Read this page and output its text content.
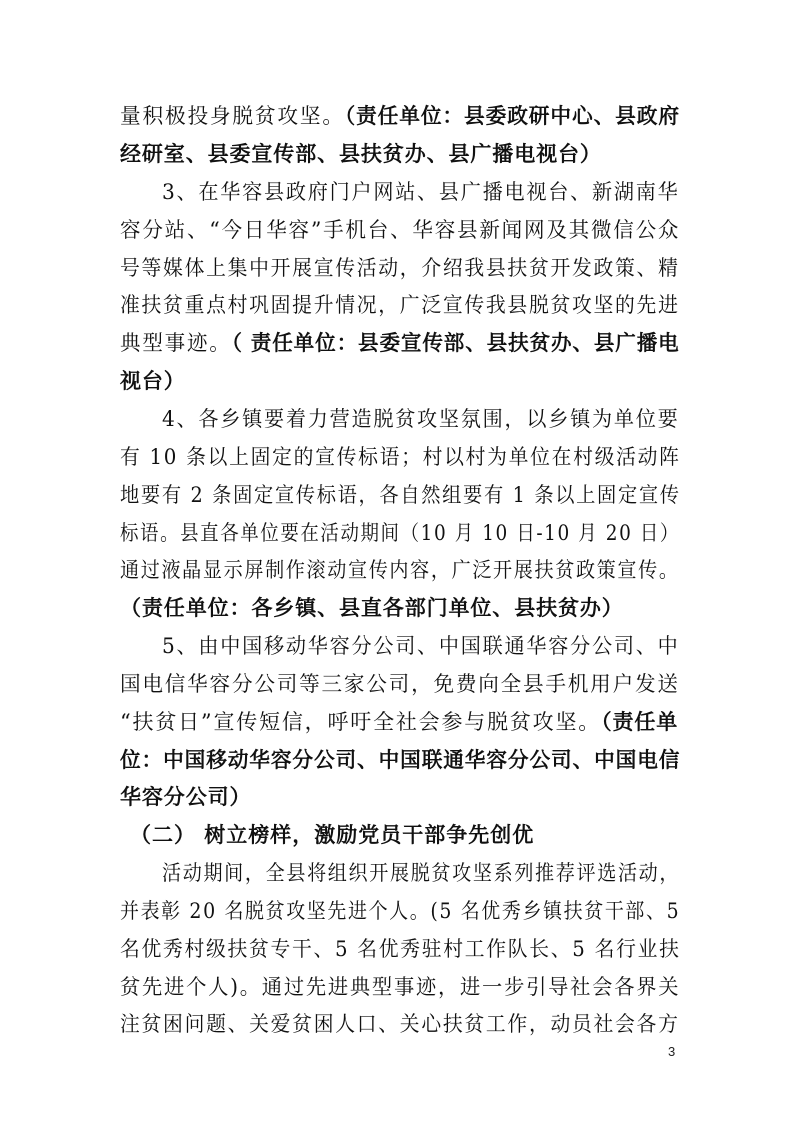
量积极投身脱贫攻坚。（责任单位：县委政研中心、县政府
经研室、县委宣传部、县扶贫办、县广播电视台）
3、在华容县政府门户网站、县广播电视台、新湖南华
容分站、“今日华容”手机台、华容县新闻网及其微信公众
号等媒体上集中开展宣传活动，介绍我县扶贫开发政策、精
准扶贫重点村巩固提升情况，广泛宣传我县脱贫攻坚的先进
典型事迹。（ 责任单位：县委宣传部、县扶贫办、县广播电
视台）
4、各乡镇要着力营造脱贫攻坚氛围，以乡镇为单位要
有 10 条以上固定的宣传标语；村以村为单位在村级活动阵
地要有 2 条固定宣传标语，各自然组要有 1 条以上固定宣传
标语。县直各单位要在活动期间（10 月 10 日-10 月 20 日）
通过液晶显示屏制作滚动宣传内容，广泛开展扶贫政策宣传。
（责任单位：各乡镇、县直各部门单位、县扶贫办）
5、由中国移动华容分公司、中国联通华容分公司、中
国电信华容分公司等三家公司，免费向全县手机用户发送
“扶贫日”宣传短信，呼吁全社会参与脱贫攻坚。（责任单
位：中国移动华容分公司、中国联通华容分公司、中国电信
华容分公司）
（二） 树立榜样，激励党员干部争先创优
活动期间，全县将组织开展脱贫攻坚系列推荐评选活动，
并表彰 20 名脱贫攻坚先进个人。(5 名优秀乡镇扶贫干部、5
名优秀村级扶贫专干、5 名优秀驻村工作队长、5 名行业扶
贫先进个人)。通过先进典型事迹，进一步引导社会各界关
注贫困问题、关爱贫困人口、关心扶贫工作，动员社会各方
3
